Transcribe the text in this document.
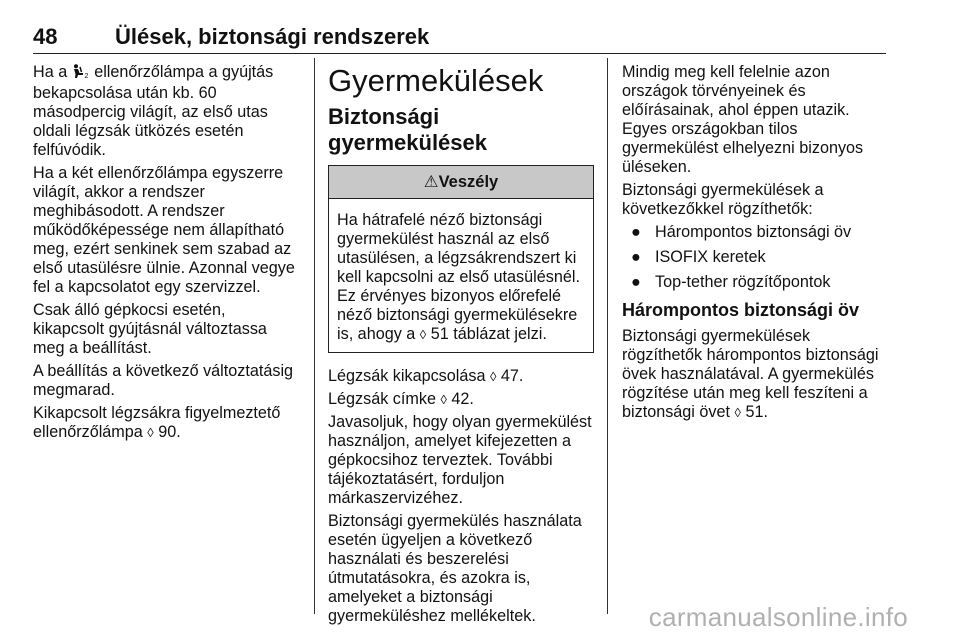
48	Ülések, biztonsági rendszerek

Ha a 2 ellenőrzőlámpa a gyújtás bekapcsolása után kb. 60 másodpercig világít, az első utas oldali légzsák ütközés esetén felfúvódik.

Ha a két ellenőrzőlámpa egyszerre világít, akkor a rendszer meghibásodott. A rendszer működőképessége nem állapítható meg, ezért senkinek sem szabad az első utasülésre ülnie. Azonnal vegye fel a kapcsolatot egy szervizzel.

Csak álló gépkocsi esetén, kikapcsolt gyújtásnál változtassa meg a beállítást.

A beállítás a következő változtatásig megmarad.

Kikapcsolt légzsákra figyelmeztető ellenőrzőlámpa ◊ 90.

Gyermekülések
Biztonsági gyermekülések
⚠Veszély
Ha hátrafelé néző biztonsági gyermekülést használ az első utasülésen, a légzsákrendszert ki kell kapcsolni az első utasülésnél. Ez érvényes bizonyos előrefelé néző biztonsági gyermekülésekre is, ahogy a ◊ 51 táblázat jelzi.

Légzsák kikapcsolása ◊ 47.

Légzsák címke ◊ 42.

Javasoljuk, hogy olyan gyermekülést használjon, amelyet kifejezetten a gépkocsihoz terveztek. További tájékoztatásért, forduljon márkaszervizéhez.

Biztonsági gyermekülés használata esetén ügyeljen a következő használati és beszerelési útmutatásokra, és azokra is, amelyeket a biztonsági gyermeküléshez mellékeltek.

Mindig meg kell felelnie azon országok törvényeinek és előírásainak, ahol éppen utazik. Egyes országokban tilos gyermekülést elhelyezni bizonyos üléseken.

Biztonsági gyermekülések a következőkkel rögzíthetők:

● Hárompontos biztonsági öv
● ISOFIX keretek
● Top-tether rögzítőpontok
Hárompontos biztonsági öv

Biztonsági gyermekülések rögzíthetők hárompontos biztonsági övek használatával. A gyermekülés rögzítése után meg kell feszíteni a biztonsági övet ◊ 51.

carmanualsonline.info
